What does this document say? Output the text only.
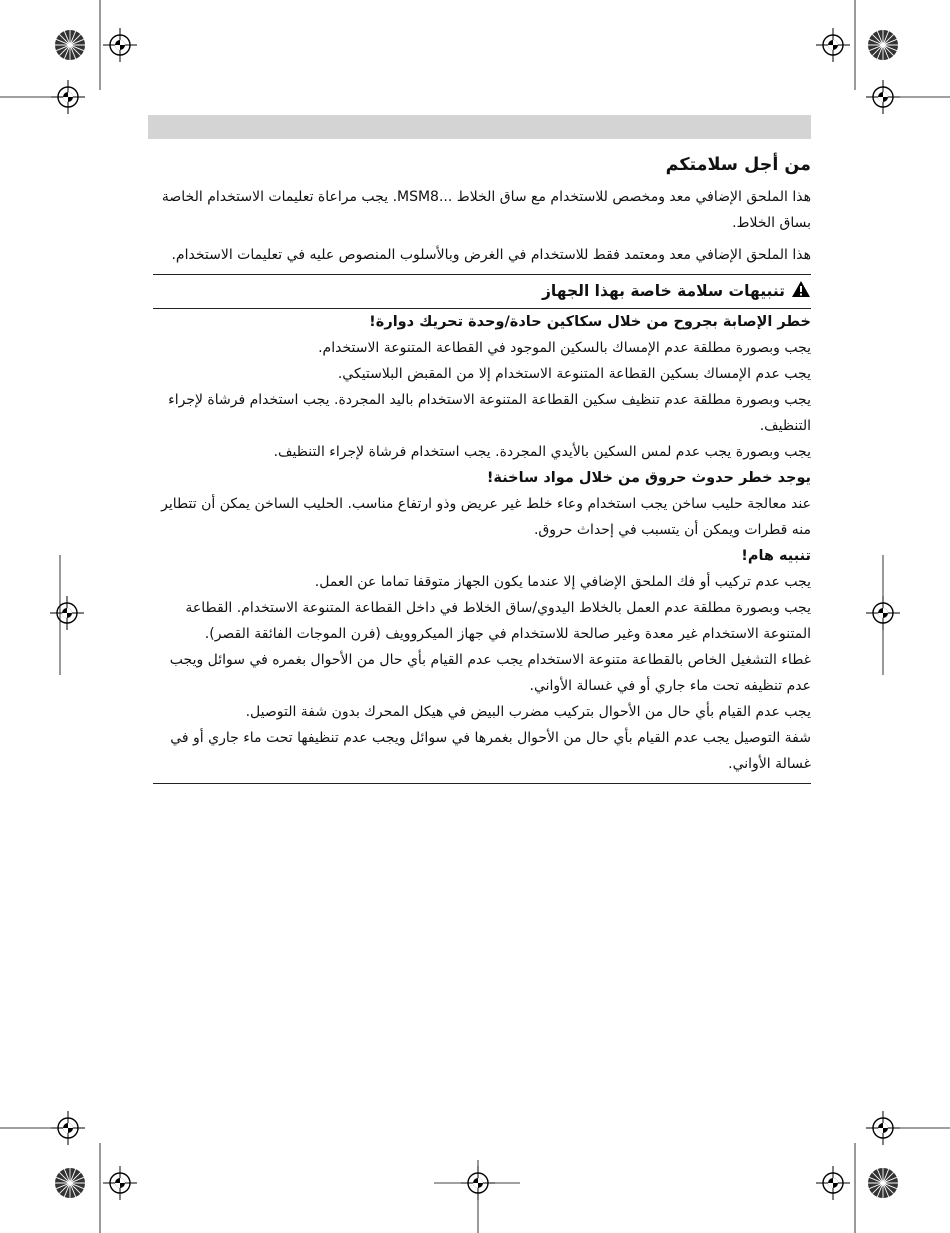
من أجل سلامتكم

هذا الملحق الإضافي معد ومخصص للاستخدام مع ساق الخلاط ...MSM8. يجب مراعاة تعليمات الاستخدام الخاصة بساق الخلاط.

هذا الملحق الإضافي معد ومعتمد فقط للاستخدام في الغرض وبالأسلوب المنصوص عليه في تعليمات الاستخدام.

تنبيهات سلامة خاصة بهذا الجهاز

خطر الإصابة بجروح من خلال سكاكين حادة/وحدة تحريك دوارة!

يجب وبصورة مطلقة عدم الإمساك بالسكين الموجود في القطاعة المتنوعة الاستخدام.

يجب عدم الإمساك بسكين القطاعة المتنوعة الاستخدام إلا من المقبض البلاستيكي.

يجب وبصورة مطلقة عدم تنظيف سكين القطاعة المتنوعة الاستخدام باليد المجردة. يجب استخدام فرشاة لإجراء التنظيف.

يجب وبصورة يجب عدم لمس السكين بالأيدي المجردة. يجب استخدام فرشاة لإجراء التنظيف.

يوجد خطر حدوث حروق من خلال مواد ساخنة!

عند معالجة حليب ساخن يجب استخدام وعاء خلط غير عريض وذو ارتفاع مناسب. الحليب الساخن يمكن أن تتطاير منه قطرات ويمكن أن يتسبب في إحداث حروق.

تنبيه هام!

يجب عدم تركيب أو فك الملحق الإضافي إلا عندما يكون الجهاز متوقفا تماما عن العمل.

يجب وبصورة مطلقة عدم العمل بالخلاط اليدوي/ساق الخلاط في داخل القطاعة المتنوعة الاستخدام. القطاعة المتنوعة الاستخدام غير معدة وغير صالحة للاستخدام في جهاز الميكروويف (فرن الموجات الفائقة القصر).

غطاء التشغيل الخاص بالقطاعة متنوعة الاستخدام يجب عدم القيام بأي حال من الأحوال بغمره في سوائل ويجب عدم تنظيفه تحت ماء جاري أو في غسالة الأواني.

يجب عدم القيام بأي حال من الأحوال بتركيب مضرب البيض في هيكل المحرك بدون شفة التوصيل.

شفة التوصيل يجب عدم القيام بأي حال من الأحوال بغمرها في سوائل ويجب عدم تنظيفها تحت ماء جاري أو في غسالة الأواني.
